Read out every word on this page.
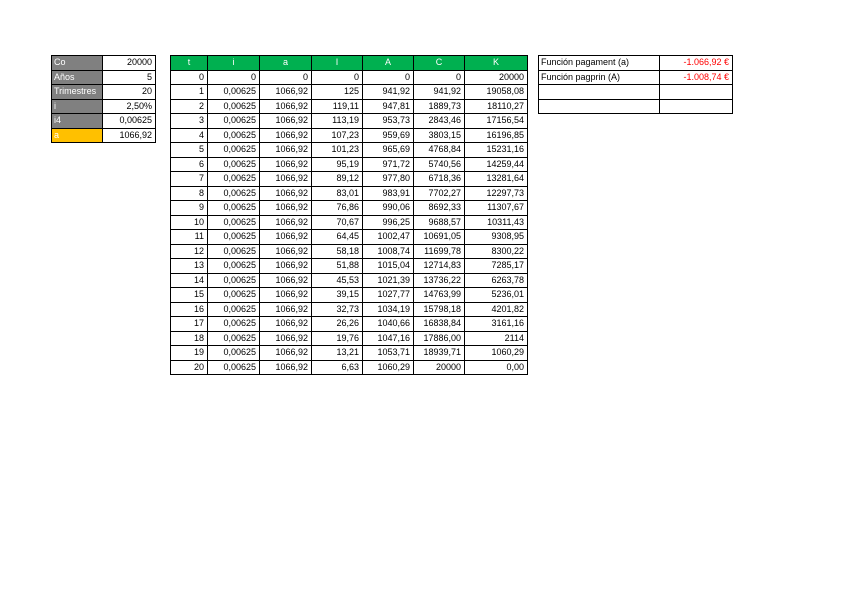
Co	20000
Años	5
Trimestres	20
i	2,50%
i4	0,00625
a	1066,92
t	i	a	I	A	C	K
0	0	0	0	0	0	20000
1	0,00625	1066,92	125	941,92	941,92	19058,08
2	0,00625	1066,92	119,11	947,81	1889,73	18110,27
3	0,00625	1066,92	113,19	953,73	2843,46	17156,54
4	0,00625	1066,92	107,23	959,69	3803,15	16196,85
5	0,00625	1066,92	101,23	965,69	4768,84	15231,16
6	0,00625	1066,92	95,19	971,72	5740,56	14259,44
7	0,00625	1066,92	89,12	977,80	6718,36	13281,64
8	0,00625	1066,92	83,01	983,91	7702,27	12297,73
9	0,00625	1066,92	76,86	990,06	8692,33	11307,67
10	0,00625	1066,92	70,67	996,25	9688,57	10311,43
11	0,00625	1066,92	64,45	1002,47	10691,05	9308,95
12	0,00625	1066,92	58,18	1008,74	11699,78	8300,22
13	0,00625	1066,92	51,88	1015,04	12714,83	7285,17
14	0,00625	1066,92	45,53	1021,39	13736,22	6263,78
15	0,00625	1066,92	39,15	1027,77	14763,99	5236,01
16	0,00625	1066,92	32,73	1034,19	15798,18	4201,82
17	0,00625	1066,92	26,26	1040,66	16838,84	3161,16
18	0,00625	1066,92	19,76	1047,16	17886,00	2114
19	0,00625	1066,92	13,21	1053,71	18939,71	1060,29
20	0,00625	1066,92	6,63	1060,29	20000	0,00
Función pagament (a)	-1.066,92 €
Función pagprin (A)	-1.008,74 €
